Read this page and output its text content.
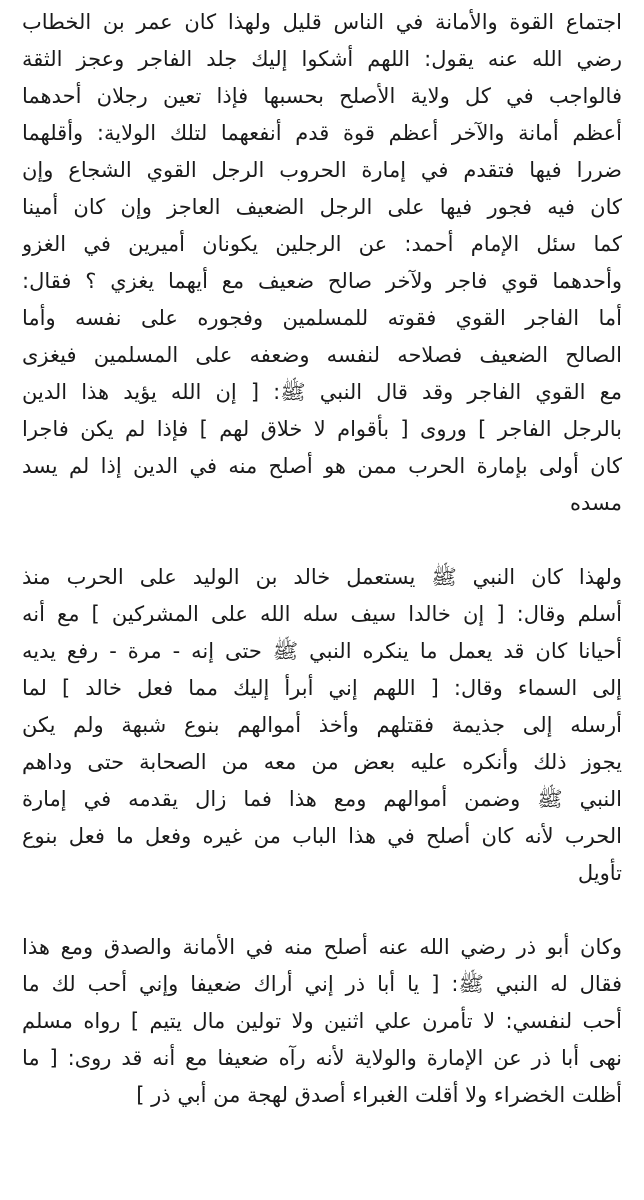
اجتماع القوة والأمانة في الناس قليل ولهذا كان عمر بن الخطاب
رضي الله عنه يقول: اللهم أشكوا إليك جلد الفاجر وعجز الثقة
فالواجب في كل ولاية الأصلح بحسبها فإذا تعين رجلان أحدهما
أعظم أمانة والآخر أعظم قوة قدم أنفعهما لتلك الولاية: وأقلهما
ضررا فيها فتقدم في إمارة الحروب الرجل القوي الشجاع وإن
كان فيه فجور فيها على الرجل الضعيف العاجز وإن كان أمينا
كما سئل الإمام أحمد: عن الرجلين يكونان أميرين في الغزو
وأحدهما قوي فاجر ولآخر صالح ضعيف مع أيهما يغزي ؟ فقال:
أما الفاجر القوي فقوته للمسلمين وفجوره على نفسه وأما
الصالح الضعيف فصلاحه لنفسه وضعفه على المسلمين فيغزى
مع القوي الفاجر وقد قال النبي ﷺ: [ إن الله يؤيد هذا الدين
بالرجل الفاجر ] وروى [ بأقوام لا خلاق لهم ] فإذا لم يكن فاجرا
كان أولى بإمارة الحرب ممن هو أصلح منه في الدين إذا لم يسد
مسده
ولهذا كان النبي ﷺ يستعمل خالد بن الوليد على الحرب منذ
أسلم وقال: [ إن خالدا سيف سله الله على المشركين ] مع أنه
أحيانا كان قد يعمل ما ينكره النبي ﷺ حتى إنه - مرة - رفع يديه
إلى السماء وقال: [ اللهم إني أبرأ إليك مما فعل خالد ] لما
أرسله إلى جذيمة فقتلهم وأخذ أموالهم بنوع شبهة ولم يكن
يجوز ذلك وأنكره عليه بعض من معه من الصحابة حتى وداهم
النبي ﷺ وضمن أموالهم ومع هذا فما زال يقدمه في إمارة
الحرب لأنه كان أصلح في هذا الباب من غيره وفعل ما فعل بنوع
تأويل
وكان أبو ذر رضي الله عنه أصلح منه في الأمانة والصدق ومع هذا
فقال له النبي ﷺ: [ يا أبا ذر إني أراك ضعيفا وإني أحب لك ما
أحب لنفسي: لا تأمرن علي اثنين ولا تولين مال يتيم ] رواه مسلم
نهى أبا ذر عن الإمارة والولاية لأنه رآه ضعيفا مع أنه قد روى: [ ما
أظلت الخضراء ولا أقلت الغبراء أصدق لهجة من أبي ذر ]
